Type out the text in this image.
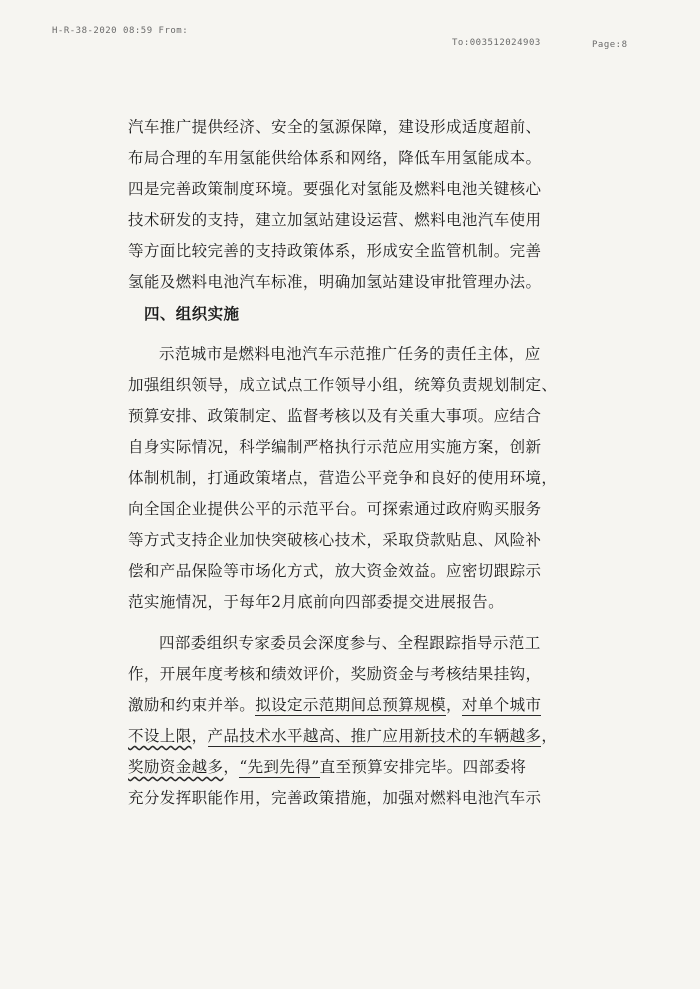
H-R-38-2020 08:59 From:
To:003512024903	Page:8
汽车推广提供经济、安全的氢源保障，建设形成适度超前、
布局合理的车用氢能供给体系和网络，降低车用氢能成本。
四是完善政策制度环境。要强化对氢能及燃料电池关键核心
技术研发的支持，建立加氢站建设运营、燃料电池汽车使用
等方面比较完善的支持政策体系，形成安全监管机制。完善
氢能及燃料电池汽车标准，明确加氢站建设审批管理办法。
四、组织实施
示范城市是燃料电池汽车示范推广任务的责任主体，应
加强组织领导，成立试点工作领导小组，统筹负责规划制定、
预算安排、政策制定、监督考核以及有关重大事项。应结合
自身实际情况，科学编制严格执行示范应用实施方案，创新
体制机制，打通政策堵点，营造公平竞争和良好的使用环境，
向全国企业提供公平的示范平台。可探索通过政府购买服务
等方式支持企业加快突破核心技术，采取贷款贴息、风险补
偿和产品保险等市场化方式，放大资金效益。应密切跟踪示
范实施情况，于每年2月底前向四部委提交进展报告。
四部委组织专家委员会深度参与、全程跟踪指导示范工
作，开展年度考核和绩效评价，奖励资金与考核结果挂钩，
激励和约束并举。拟设定示范期间总预算规模，对单个城市
不设上限，产品技术水平越高、推广应用新技术的车辆越多，
奖励资金越多，“先到先得”直至预算安排完毕。四部委将
充分发挥职能作用，完善政策措施，加强对燃料电池汽车示
